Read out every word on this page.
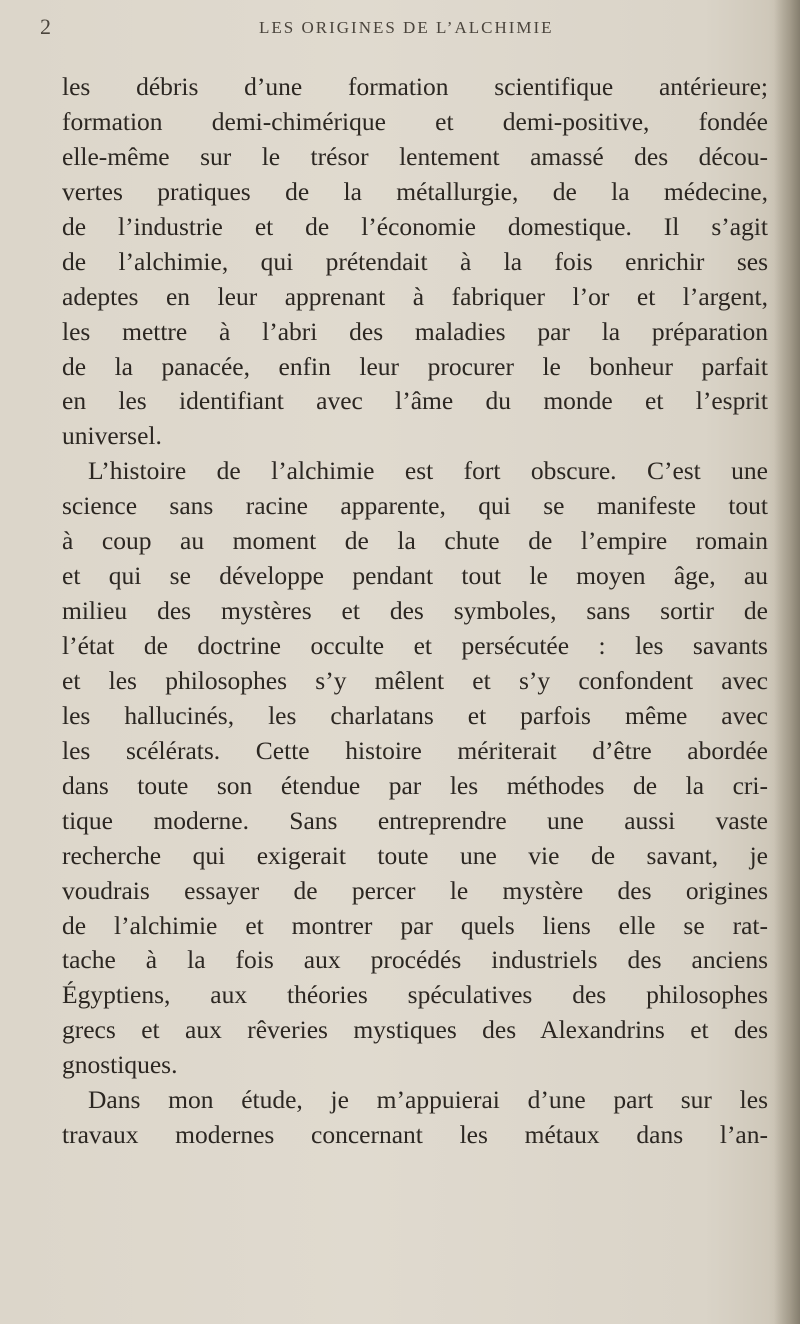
2	LES ORIGINES DE L’ALCHIMIE
les débris d’une formation scientifique antérieure;
formation demi-chimérique et demi-positive, fondée
elle-même sur le trésor lentement amassé des décou-
vertes pratiques de la métallurgie, de la médecine,
de l’industrie et de l’économie domestique. Il s’agit
de l’alchimie, qui prétendait à la fois enrichir ses
adeptes en leur apprenant à fabriquer l’or et l’argent,
les mettre à l’abri des maladies par la préparation
de la panacée, enfin leur procurer le bonheur parfait
en les identifiant avec l’âme du monde et l’esprit
universel.
L’histoire de l’alchimie est fort obscure. C’est une
science sans racine apparente, qui se manifeste tout
à coup au moment de la chute de l’empire romain
et qui se développe pendant tout le moyen âge, au
milieu des mystères et des symboles, sans sortir de
l’état de doctrine occulte et persécutée : les savants
et les philosophes s’y mêlent et s’y confondent avec
les hallucinés, les charlatans et parfois même avec
les scélérats. Cette histoire mériterait d’être abordée
dans toute son étendue par les méthodes de la cri-
tique moderne. Sans entreprendre une aussi vaste
recherche qui exigerait toute une vie de savant, je
voudrais essayer de percer le mystère des origines
de l’alchimie et montrer par quels liens elle se rat-
tache à la fois aux procédés industriels des anciens
Égyptiens, aux théories spéculatives des philosophes
grecs et aux rêveries mystiques des Alexandrins et des
gnostiques.
Dans mon étude, je m’appuierai d’une part sur les
travaux modernes concernant les métaux dans l’an-
